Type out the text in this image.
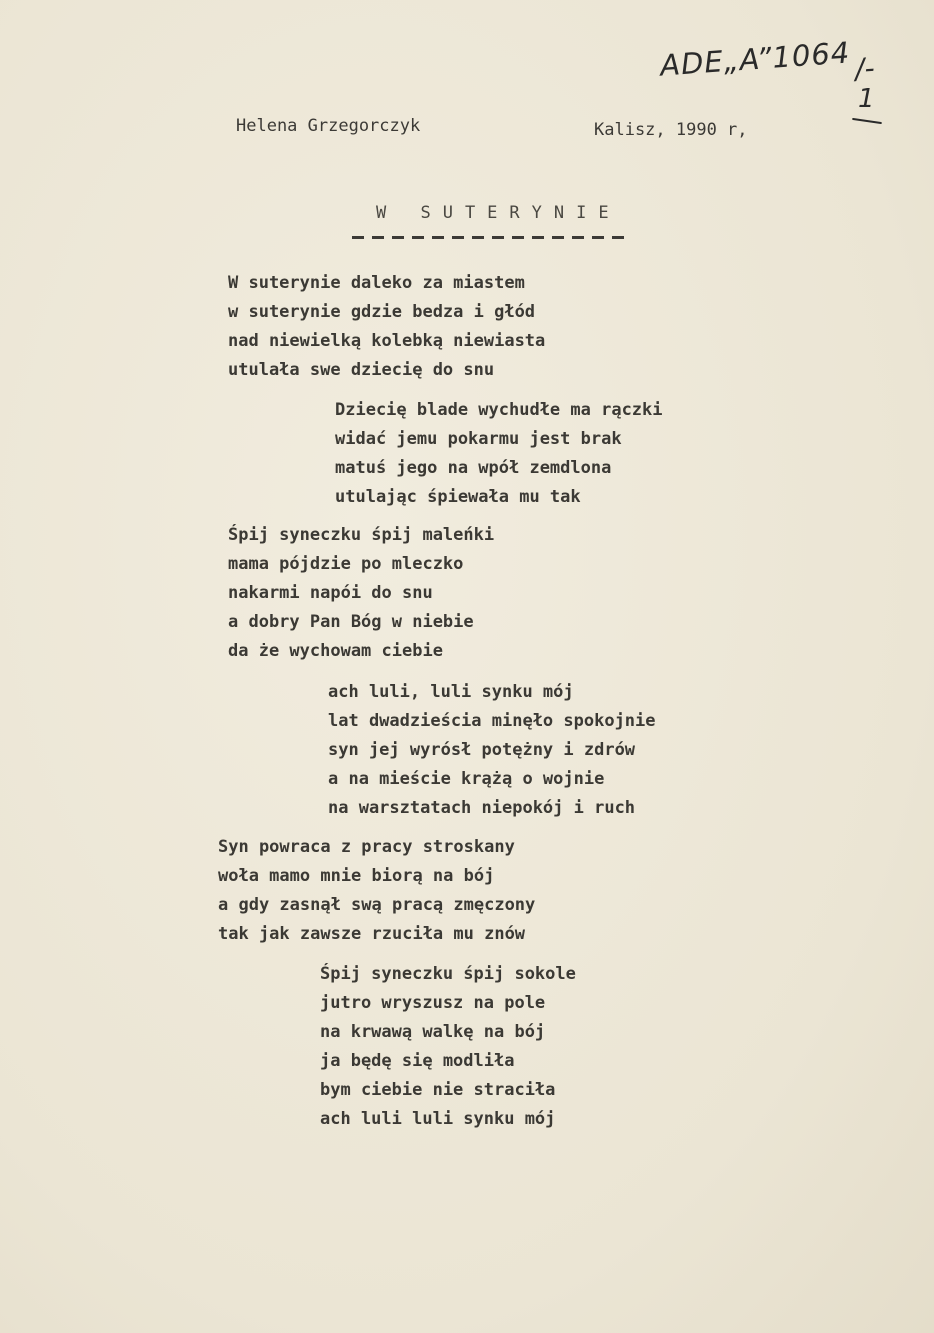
ADE„A”1064 /-
1
Helena Grzegorczyk	Kalisz, 1990 r,
W SUTERYNIE
W suterynie daleko za miastem
w suterynie gdzie bedza i głód
nad niewielką kolebką niewiasta
utulała swe dziecię do snu
Dziecię blade wychudłe ma rączki
widać jemu pokarmu jest brak
matuś jego na wpół zemdlona
utulając śpiewała mu tak
Śpij syneczku śpij maleńki
mama pójdzie po mleczko
nakarmi napói do snu
a dobry Pan Bóg w niebie
da że wychowam ciebie
ach luli, luli synku mój
lat dwadzieścia minęło spokojnie
syn jej wyrósł potężny i zdrów
a na mieście krążą o wojnie
na warsztatach niepokój i ruch
Syn powraca z pracy stroskany
woła mamo mnie biorą na bój
a gdy zasnął swą pracą zmęczony
tak jak zawsze rzuciła mu znów
Śpij syneczku śpij sokole
jutro wryszusz na pole
na krwawą walkę na bój
ja będę się modliła
bym ciebie nie straciła
ach luli luli synku mój
